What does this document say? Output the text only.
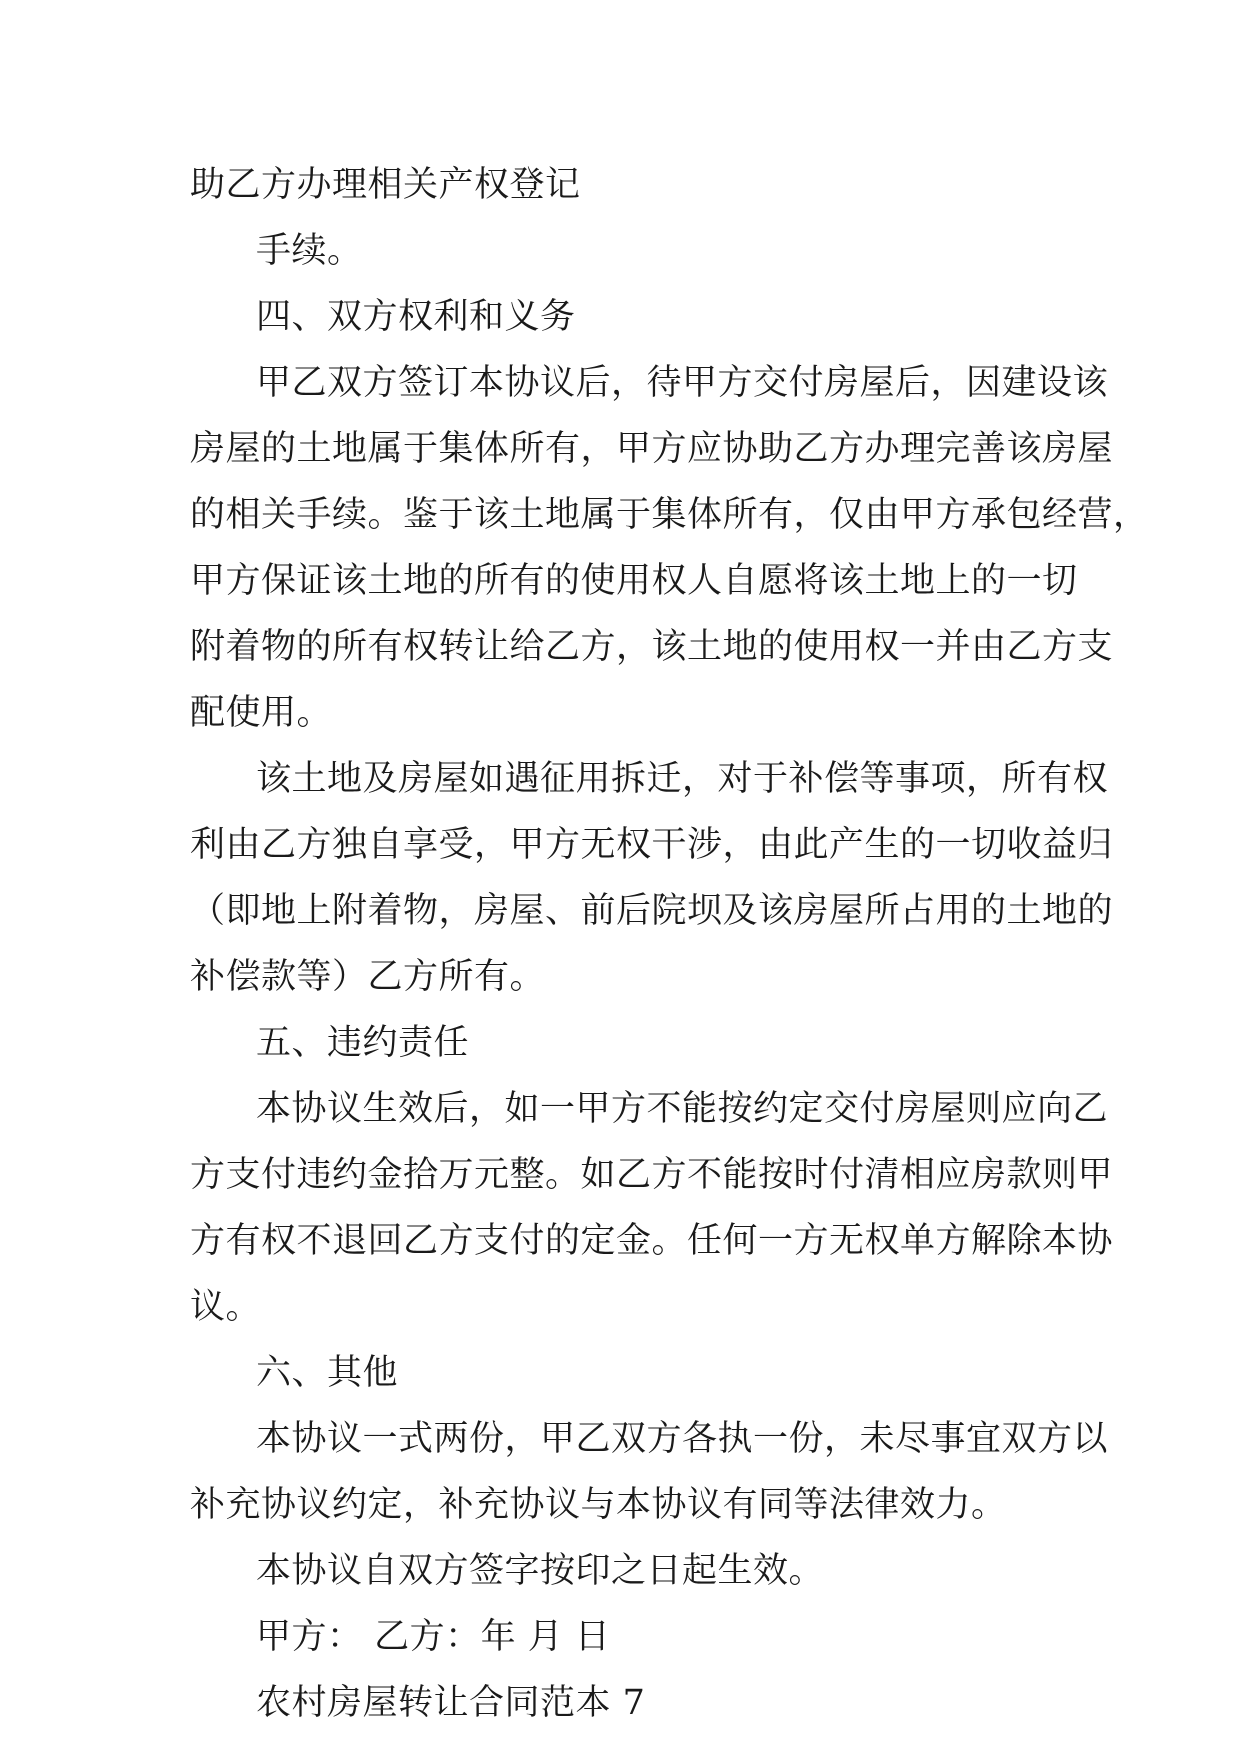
助乙方办理相关产权登记
手续。
四、双方权利和义务
甲乙双方签订本协议后，待甲方交付房屋后，因建设该
房屋的土地属于集体所有，甲方应协助乙方办理完善该房屋
的相关手续。鉴于该土地属于集体所有，仅由甲方承包经营，
甲方保证该土地的所有的使用权人自愿将该土地上的一切
附着物的所有权转让给乙方，该土地的使用权一并由乙方支
配使用。
该土地及房屋如遇征用拆迁，对于补偿等事项，所有权
利由乙方独自享受，甲方无权干涉，由此产生的一切收益归
（即地上附着物，房屋、前后院坝及该房屋所占用的土地的
补偿款等）乙方所有。
五、违约责任
本协议生效后，如一甲方不能按约定交付房屋则应向乙
方支付违约金拾万元整。如乙方不能按时付清相应房款则甲
方有权不退回乙方支付的定金。任何一方无权单方解除本协
议。
六、其他
本协议一式两份，甲乙双方各执一份，未尽事宜双方以
补充协议约定，补充协议与本协议有同等法律效力。
本协议自双方签字按印之日起生效。
甲方： 乙方：年 月 日
农村房屋转让合同范本 7
